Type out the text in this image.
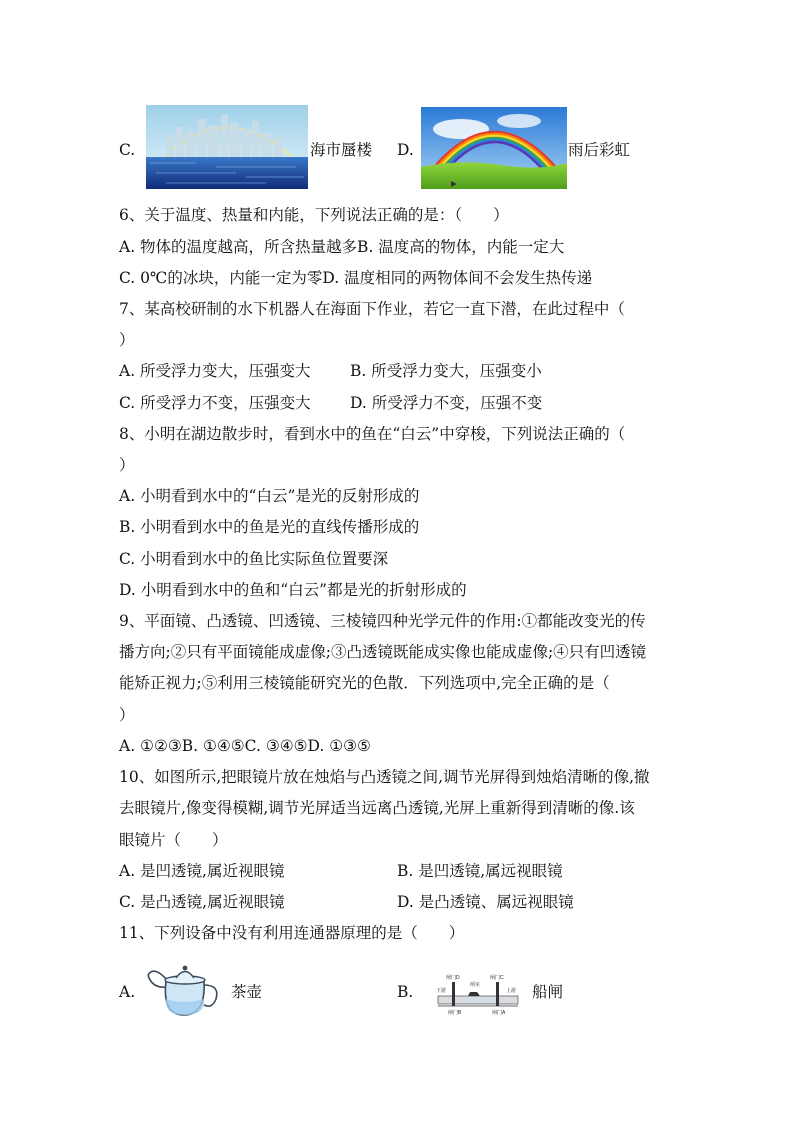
C.	海市蜃楼 D.	雨后彩虹
6、关于温度、热量和内能，下列说法正确的是：（　　）
A. 物体的温度越高，所含热量越多B. 温度高的物体，内能一定大
C. 0℃的冰块，内能一定为零D. 温度相同的两物体间不会发生热传递
7、某高校研制的水下机器人在海面下作业，若它一直下潜，在此过程中（
）
A. 所受浮力变大，压强变大	B. 所受浮力变大，压强变小
C. 所受浮力不变，压强变大	D. 所受浮力不变，压强不变
8、小明在湖边散步时，看到水中的鱼在“白云”中穿梭，下列说法正确的（
）
A. 小明看到水中的“白云”是光的反射形成的
B. 小明看到水中的鱼是光的直线传播形成的
C. 小明看到水中的鱼比实际鱼位置要深
D. 小明看到水中的鱼和“白云”都是光的折射形成的
9、平面镜、凸透镜、凹透镜、三棱镜四种光学元件的作用:①都能改变光的传
播方向;②只有平面镜能成虚像;③凸透镜既能成实像也能成虚像;④只有凹透镜
能矫正视力;⑤利用三棱镜能研究光的色散．下列选项中,完全正确的是（
）
A. ①②③B. ①④⑤C. ③④⑤D. ①③⑤
10、如图所示,把眼镜片放在烛焰与凸透镜之间,调节光屏得到烛焰清晰的像,撤
去眼镜片,像变得模糊,调节光屏适当远离凸透镜,光屏上重新得到清晰的像.该
眼镜片（　　）
A. 是凹透镜,属近视眼镜	B. 是凹透镜,属远视眼镜
C. 是凸透镜,属近视眼镜	D. 是凸透镜、属远视眼镜
11、下列设备中没有利用连通器原理的是（　　）
A.	茶壶	B.
闸门D	闸门C
下游
闸室
上游
闸门B	闸门A
船闸
